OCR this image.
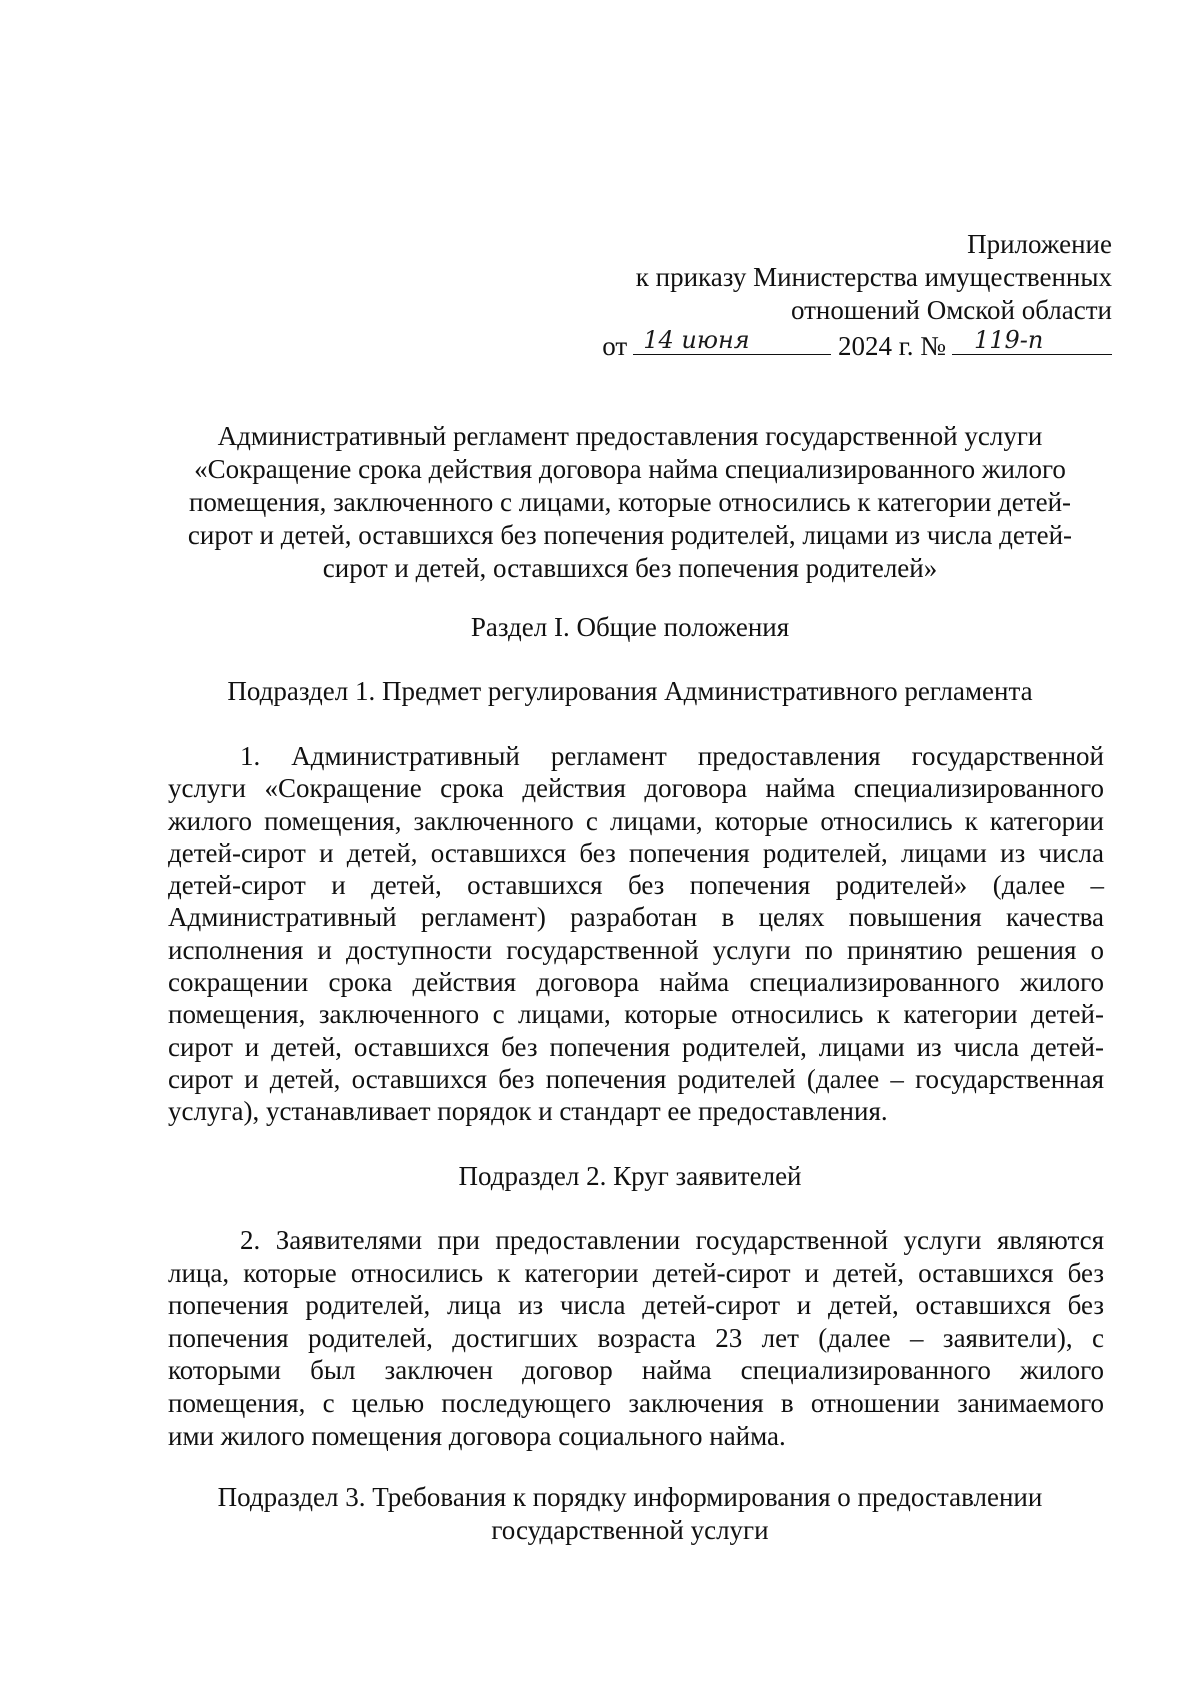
Приложение
к приказу Министерства имущественных
отношений Омской области
от 14 июня	2024 г. № 119-п
Административный регламент предоставления государственной услуги
«Сокращение срока действия договора найма специализированного жилого
помещения, заключенного с лицами, которые относились к категории детей-
сирот и детей, оставшихся без попечения родителей, лицами из числа детей-
сирот и детей, оставшихся без попечения родителей»
Раздел I. Общие положения
Подраздел 1. Предмет регулирования Административного регламента
1. Административный регламент предоставления государственной
услуги «Сокращение срока действия договора найма специализированного
жилого помещения, заключенного с лицами, которые относились к категории
детей-сирот и детей, оставшихся без попечения родителей, лицами из числа
детей-сирот и детей, оставшихся без попечения родителей» (далее –
Административный регламент) разработан в целях повышения качества
исполнения и доступности государственной услуги по принятию решения о
сокращении срока действия договора найма специализированного жилого
помещения, заключенного с лицами, которые относились к категории детей-
сирот и детей, оставшихся без попечения родителей, лицами из числа детей-
сирот и детей, оставшихся без попечения родителей (далее – государственная
услуга), устанавливает порядок и стандарт ее предоставления.
Подраздел 2. Круг заявителей
2. Заявителями при предоставлении государственной услуги являются
лица, которые относились к категории детей-сирот и детей, оставшихся без
попечения родителей, лица из числа детей-сирот и детей, оставшихся без
попечения родителей, достигших возраста 23 лет (далее – заявители), с
которыми был заключен договор найма специализированного жилого
помещения, с целью последующего заключения в отношении занимаемого
ими жилого помещения договора социального найма.
Подраздел 3. Требования к порядку информирования о предоставлении
государственной услуги
